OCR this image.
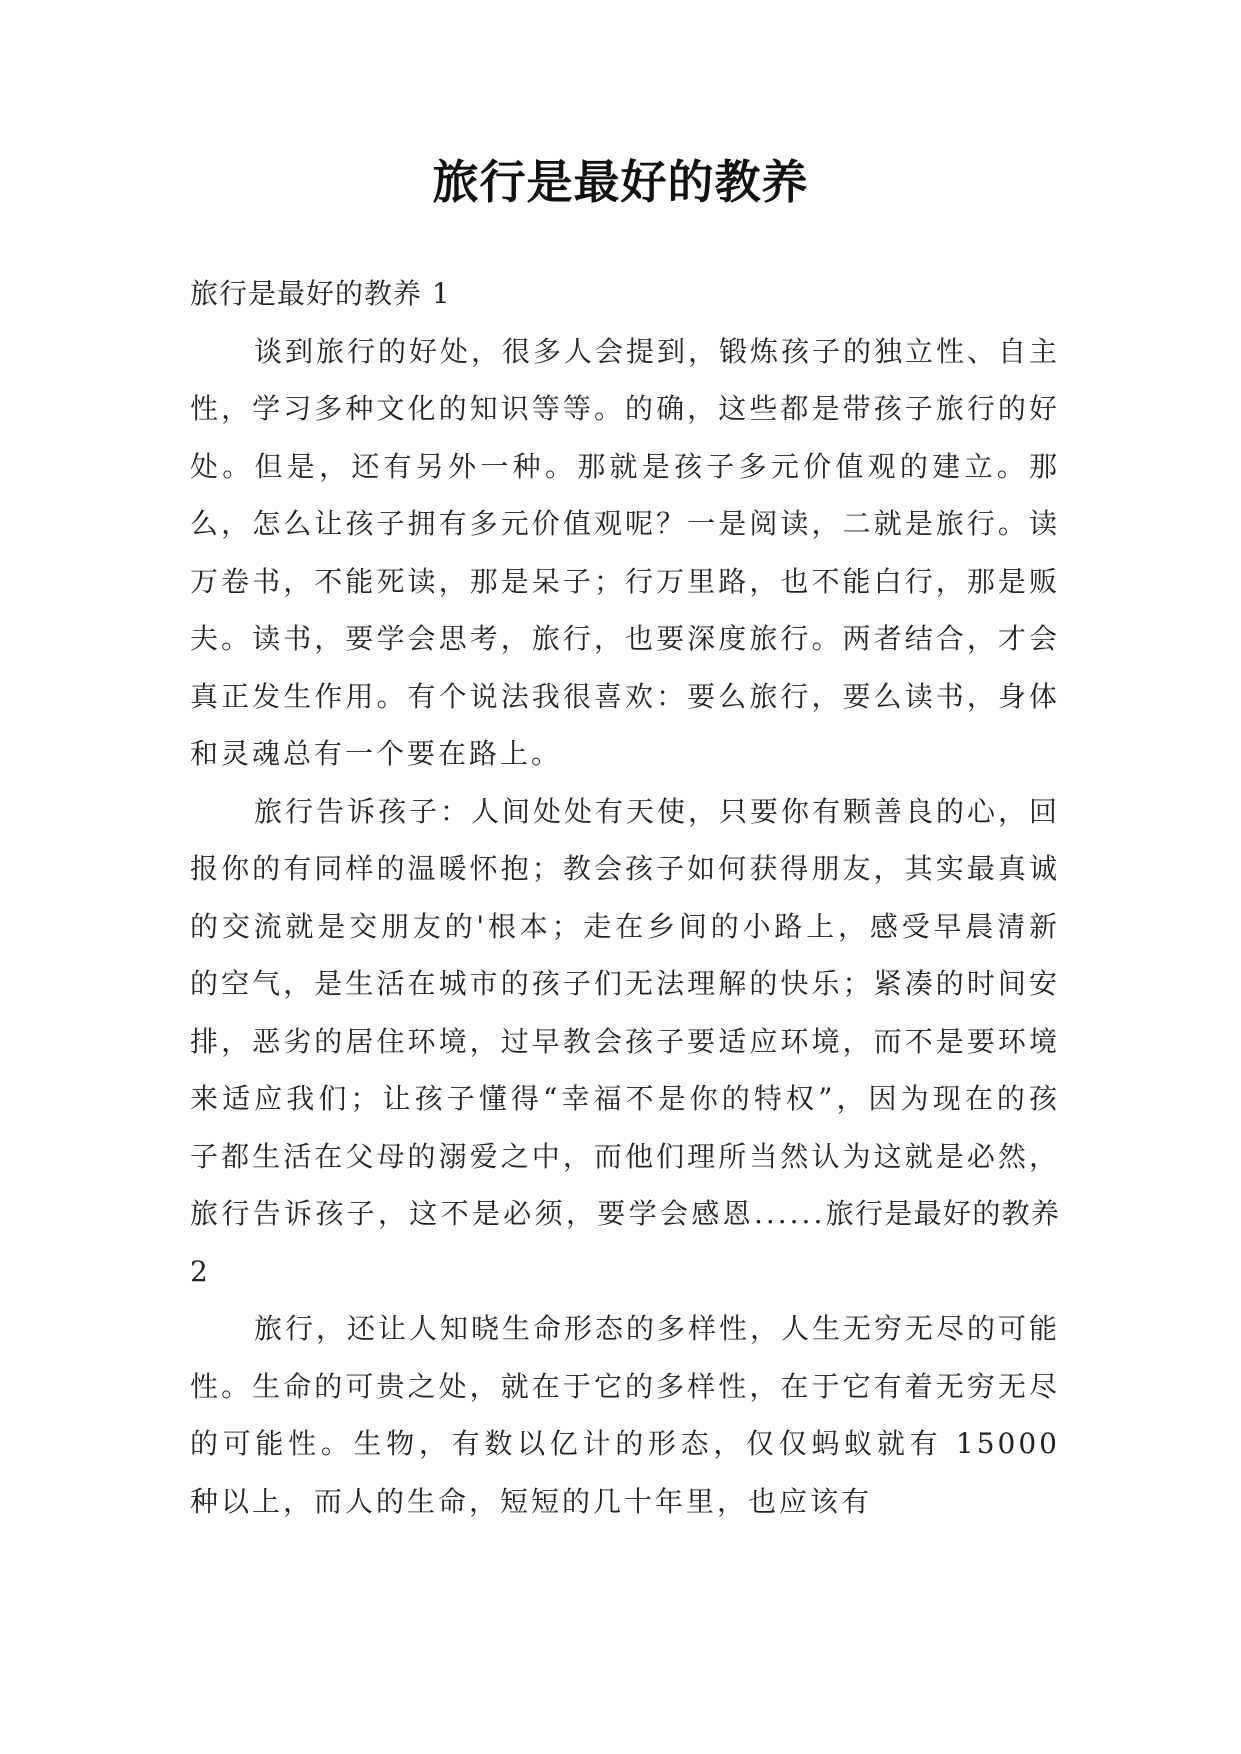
旅行是最好的教养
旅行是最好的教养 1

谈到旅行的好处，很多人会提到，锻炼孩子的独立性、自主性，学习多种文化的知识等等。的确，这些都是带孩子旅行的好处。但是，还有另外一种。那就是孩子多元价值观的建立。那么，怎么让孩子拥有多元价值观呢？一是阅读，二就是旅行。读万卷书，不能死读，那是呆子；行万里路，也不能白行，那是贩夫。读书，要学会思考，旅行，也要深度旅行。两者结合，才会真正发生作用。有个说法我很喜欢：要么旅行，要么读书，身体和灵魂总有一个要在路上。

旅行告诉孩子：人间处处有天使，只要你有颗善良的心，回报你的有同样的温暖怀抱；教会孩子如何获得朋友，其实最真诚的交流就是交朋友的'根本；走在乡间的小路上，感受早晨清新的空气，是生活在城市的孩子们无法理解的快乐；紧凑的时间安排，恶劣的居住环境，过早教会孩子要适应环境，而不是要环境来适应我们；让孩子懂得“幸福不是你的特权”，因为现在的孩子都生活在父母的溺爱之中，而他们理所当然认为这就是必然，旅行告诉孩子，这不是必须，要学会感恩......旅行是最好的教养 2

旅行，还让人知晓生命形态的多样性，人生无穷无尽的可能性。生命的可贵之处，就在于它的多样性，在于它有着无穷无尽的可能性。生物，有数以亿计的形态，仅仅蚂蚁就有 15000 种以上，而人的生命，短短的几十年里，也应该有
